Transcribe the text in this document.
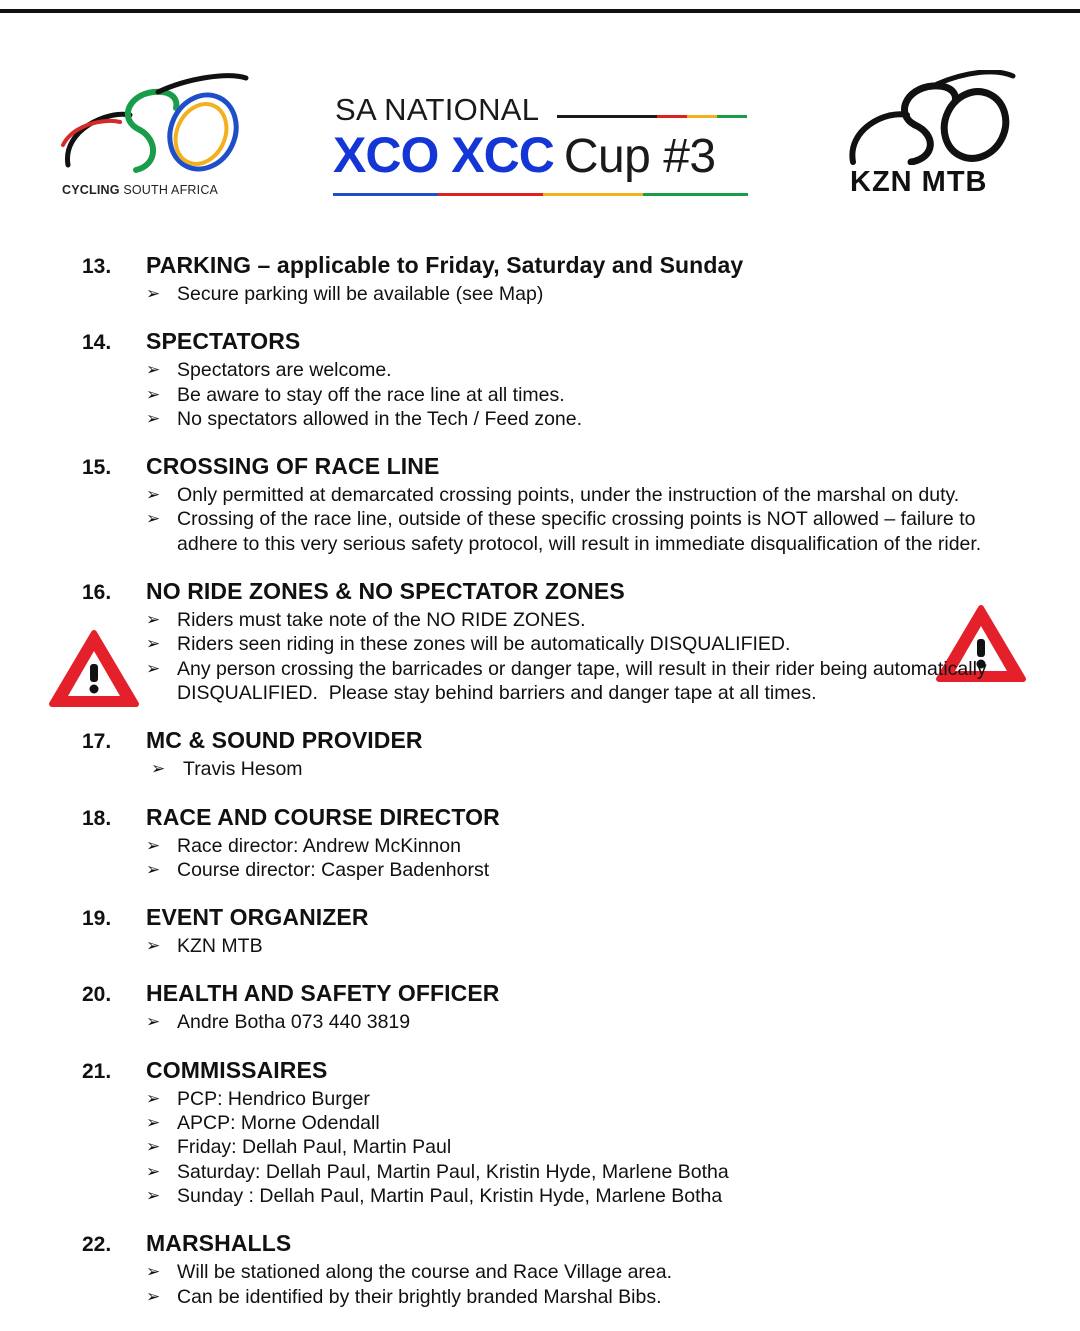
CYCLING SOUTH AFRICA
SA NATIONAL
XCO XCC Cup #3	KZN MTB
13.	PARKING – applicable to Friday, Saturday and Sunday
➢ Secure parking will be available (see Map)
14.	SPECTATORS
➢ Spectators are welcome.
➢ Be aware to stay off the race line at all times.
➢ No spectators allowed in the Tech / Feed zone.
15.	CROSSING OF RACE LINE
➢ Only permitted at demarcated crossing points, under the instruction of the marshal on duty.
➢ Crossing of the race line, outside of these specific crossing points is NOT allowed – failure to adhere to this very serious safety protocol, will result in immediate disqualification of the rider.
16.	NO RIDE ZONES & NO SPECTATOR ZONES
➢ Riders must take note of the NO RIDE ZONES.
➢ Riders seen riding in these zones will be automatically DISQUALIFIED.
➢ Any person crossing the barricades or danger tape, will result in their rider being automatically DISQUALIFIED.  Please stay behind barriers and danger tape at all times.
17.	MC & SOUND PROVIDER
➢ Travis Hesom
18.	RACE AND COURSE DIRECTOR
➢ Race director: Andrew McKinnon
➢ Course director: Casper Badenhorst
19.	EVENT ORGANIZER
➢ KZN MTB
20.	HEALTH AND SAFETY OFFICER
➢ Andre Botha 073 440 3819
21.	COMMISSAIRES
➢ PCP: Hendrico Burger
➢ APCP: Morne Odendall
➢ Friday: Dellah Paul, Martin Paul
➢ Saturday: Dellah Paul, Martin Paul, Kristin Hyde, Marlene Botha
➢ Sunday : Dellah Paul, Martin Paul, Kristin Hyde, Marlene Botha
22.	MARSHALLS
➢ Will be stationed along the course and Race Village area.
➢ Can be identified by their brightly branded Marshal Bibs.
